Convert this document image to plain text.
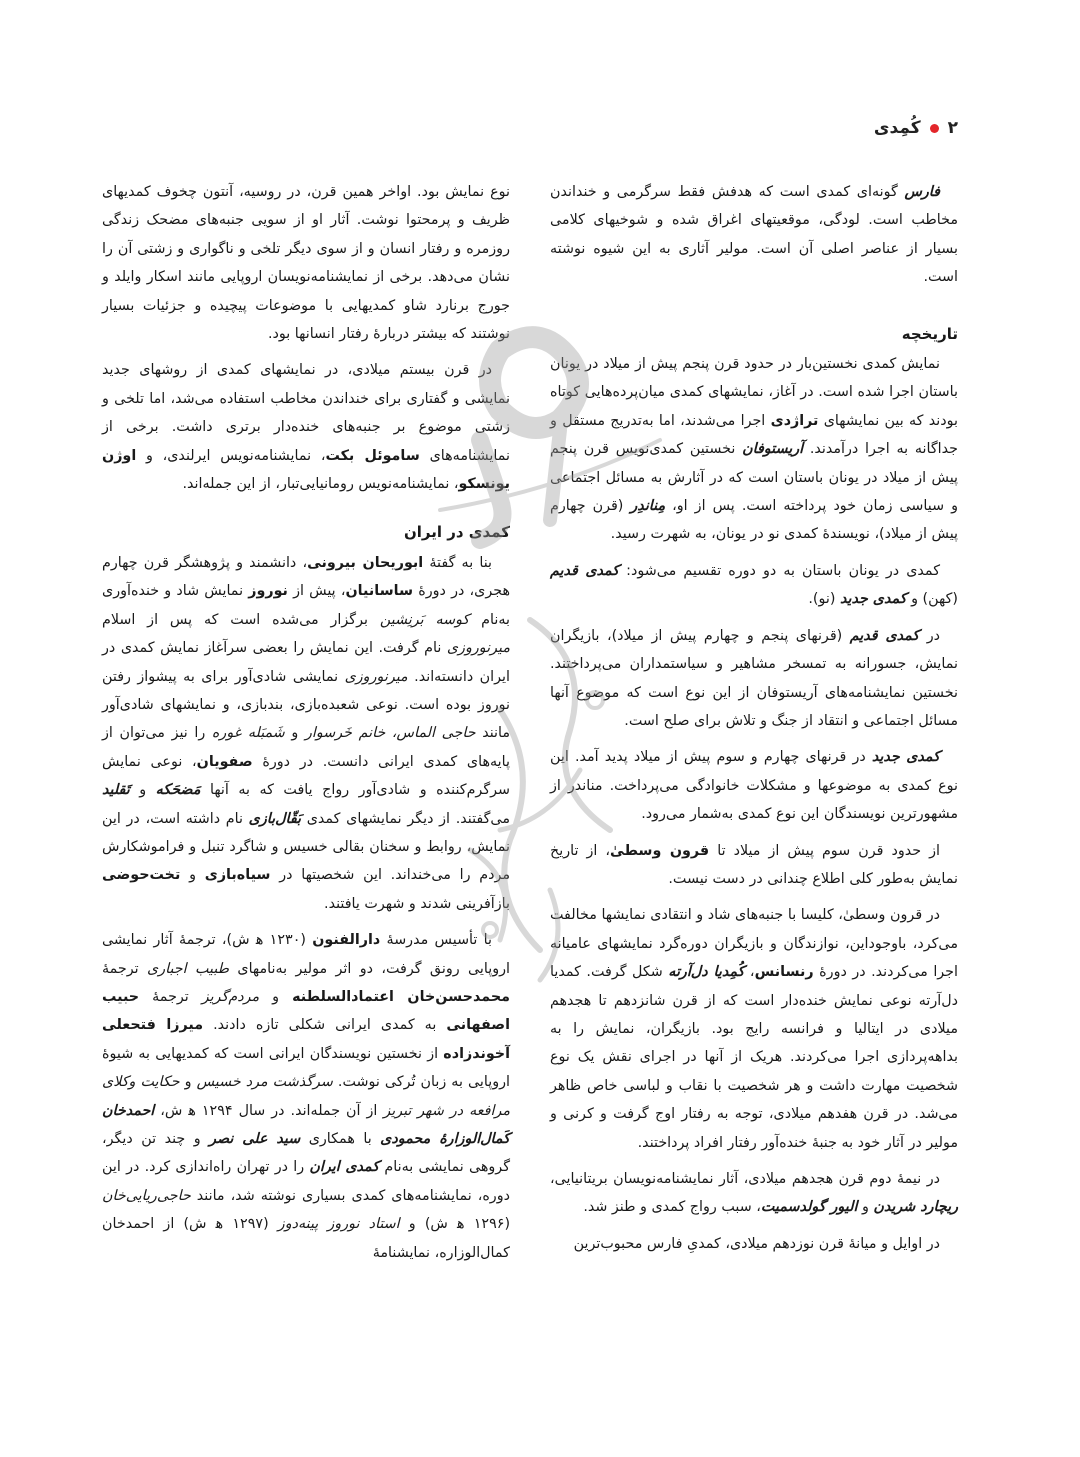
۲
کُمِدی

فارس گونه‌ای کمدی است که هدفش فقط سرگرمی و خنداندن مخاطب است. لودگی، موقعیتهای اغراق شده و شوخیهای کلامی بسیار از عناصر اصلی آن است. مولیر آثاری به این شیوه نوشته است.

تاریخچه

نمایش کمدی نخستین‌بار در حدود قرن پنجم پیش از میلاد در یونان باستان اجرا شده است. در آغاز، نمایشهای کمدی میان‌پرده‌هایی کوتاه بودند که بین نمایشهای تراژدی اجرا می‌شدند، اما به‌تدریج مستقل و جداگانه به اجرا درآمدند. آریستوفان نخستین کمدی‌نویس قرن پنجم پیش از میلاد در یونان باستان است که در آثارش به مسائل اجتماعی و سیاسی زمان خود پرداخته است. پس از او، مِناندِر (قرن چهارم پیش از میلاد)، نویسندهٔ کمدی نو در یونان، به شهرت رسید.

کمدی در یونان باستان به دو دوره تقسیم می‌شود: کمدی قدیم (کهن) و کمدی جدید (نو).

در کمدی قدیم (قرنهای پنجم و چهارم پیش از میلاد)، بازیگران نمایش، جسورانه به تمسخر مشاهیر و سیاستمداران می‌پرداختند. نخستین نمایشنامه‌های آریستوفان از این نوع است که موضوع آنها مسائل اجتماعی و انتقاد از جنگ و تلاش برای صلح است.

کمدی جدید در قرنهای چهارم و سوم پیش از میلاد پدید آمد. این نوع کمدی به موضوعها و مشکلات خانوادگی می‌پرداخت. مناندر از مشهورترین نویسندگان این نوع کمدی به‌شمار می‌رود.

از حدود قرن سوم پیش از میلاد تا قرون وسطیٰ، از تاریخ نمایش به‌طور کلی اطلاع چندانی در دست نیست.

در قرون وسطیٰ، کلیسا با جنبه‌های شاد و انتقادی نمایشها مخالفت می‌کرد، باوجوداین، نوازندگان و بازیگران دوره‌گرد نمایشهای عامیانه اجرا می‌کردند. در دورهٔ رنسانس، کُمِدیا دل‌آرته شکل گرفت. کمدیا دل‌آرته نوعی نمایش خنده‌دار است که از قرن شانزدهم تا هجدهم میلادی در ایتالیا و فرانسه رایج بود. بازیگران، نمایش را به بداهه‌پردازی اجرا می‌کردند. هریک از آنها در اجرای نقش یک نوع شخصیت مهارت داشت و هر شخصیت با نقاب و لباسی خاص ظاهر می‌شد. در قرن هفدهم میلادی، توجه به رفتار اوج گرفت و کرنی و مولیر در آثار خود به جنبهٔ خنده‌آور رفتار افراد پرداختند.

در نیمهٔ دوم قرن هجدهم میلادی، آثار نمایشنامه‌نویسان بریتانیایی، ریچارد شریدن و الیور گولدسمیت، سبب رواج کمدی و طنز شد.

در اوایل و میانهٔ قرن نوزدهم میلادی، کمدیِ فارس محبوب‌ترین

نوع نمایش بود. اواخر همین قرن، در روسیه، آنتون چخوف کمدیهای ظریف و پرمحتوا نوشت. آثار او از سویی جنبه‌های مضحک زندگی روزمره و رفتار انسان و از سوی دیگر تلخی و ناگواری و زشتی آن را نشان می‌دهد. برخی از نمایشنامه‌نویسان اروپایی مانند اسکار وایلد و جورج برنارد شاو کمدیهایی با موضوعات پیچیده و جزئیات بسیار نوشتند که بیشتر دربارهٔ رفتار انسانها بود.

در قرن بیستم میلادی، در نمایشهای کمدی از روشهای جدید نمایشی و گفتاری برای خنداندن مخاطب استفاده می‌شد، اما تلخی و زشتی موضوع بر جنبه‌های خنده‌دار برتری داشت. برخی از نمایشنامه‌های ساموئل بکت، نمایشنامه‌نویس ایرلندی، و اوژن یونسکو، نمایشنامه‌نویس رومانیایی‌تبار، از این جمله‌اند.

کمدی در ایران

بنا به گفتهٔ ابوریحان بیرونی، دانشمند و پژوهشگر قرن چهارم هجری، در دورهٔ ساسانیان، پیش از نوروز نمایش شاد و خنده‌آوری به‌نام کوسه بَرنِشین برگزار می‌شده است که پس از اسلام میرنوروزی نام گرفت. این نمایش را بعضی سرآغاز نمایش کمدی در ایران دانسته‌اند. میرنوروزی نمایشی شادی‌آور برای به پیشواز رفتن نوروز بوده است. نوعی شعبده‌بازی، بندبازی، و نمایشهای شادی‌آور مانند حاجی الماس، خانم خَرسوار و شَمبَله غوره را نیز می‌توان از پایه‌های کمدی ایرانی دانست. در دورهٔ صفویان، نوعی نمایش سرگرم‌کننده و شادی‌آور رواج یافت که به آنها مَضحَکه و تَقلید می‌گفتند. از دیگر نمایشهای کمدی بَقّال‌بازی نام داشته است، در این نمایش، روابط و سخنان بقالی خسیس و شاگرد تنبل و فراموشکارش مردم را می‌خنداند. این شخصیتها در سیاه‌بازی و تخت‌حوضی بازآفرینی شدند و شهرت یافتند.

با تأسیس مدرسهٔ دارالفنون (۱۲۳۰ ﻫ ش)، ترجمهٔ آثار نمایشی اروپایی رونق گرفت، دو اثر مولیر به‌نامهای طبیب اجباری ترجمهٔ محمدحسن‌خان اعتمادالسلطنه و مردم‌گریز ترجمهٔ حبیب اصفهانی به کمدی ایرانی شکلی تازه دادند. میرزا فتحعلی آخوندزاده از نخستین نویسندگان ایرانی است که کمدیهایی به شیوهٔ اروپایی به زبان تُرکی نوشت. سرگذشت مرد خسیس و حکایت وکلای مرافعه در شهر تبریز از آن جمله‌اند. در سال ۱۲۹۴ ﻫ ش، احمدخان کَمال‌الوزارهٔ محمودی با همکاری سید علی نصر و چند تن دیگر، گروهی نمایشی به‌نام کمدی ایران را در تهران راه‌اندازی کرد. در این دوره، نمایشنامه‌های کمدی بسیاری نوشته شد، مانند حاجی‌ریایی‌خان (۱۲۹۶ ﻫ ش) و استاد نوروز پینه‌دوز (۱۲۹۷ ﻫ ش) از احمدخان کمال‌الوزاره، نمایشنامهٔ
